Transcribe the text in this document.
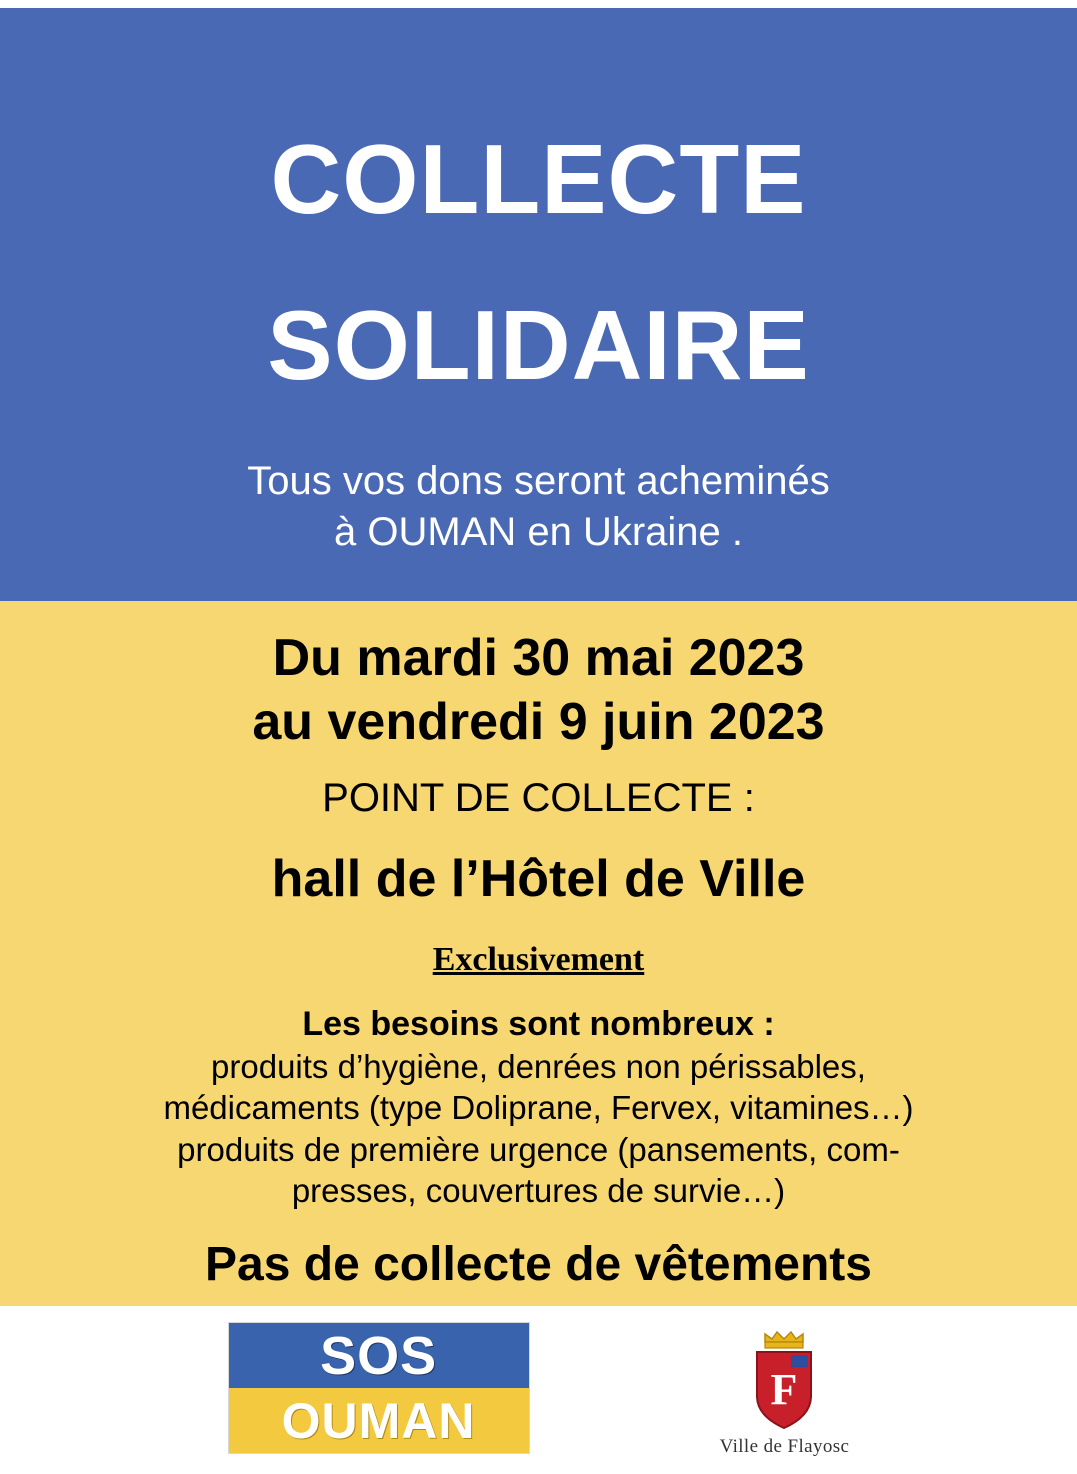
COLLECTE
SOLIDAIRE
Tous vos dons seront acheminés
à OUMAN en Ukraine .
Du mardi 30 mai 2023
au vendredi 9 juin 2023
POINT DE COLLECTE :
hall de l’Hôtel de Ville
Exclusivement
Les besoins sont nombreux :
produits d’hygiène, denrées non périssables,
médicaments (type Doliprane, Fervex, vitamines…)
produits de première urgence (pansements, com-
presses, couvertures de survie…)
Pas de collecte de vêtements
SOS
OUMAN
F
Ville de Flayosc
